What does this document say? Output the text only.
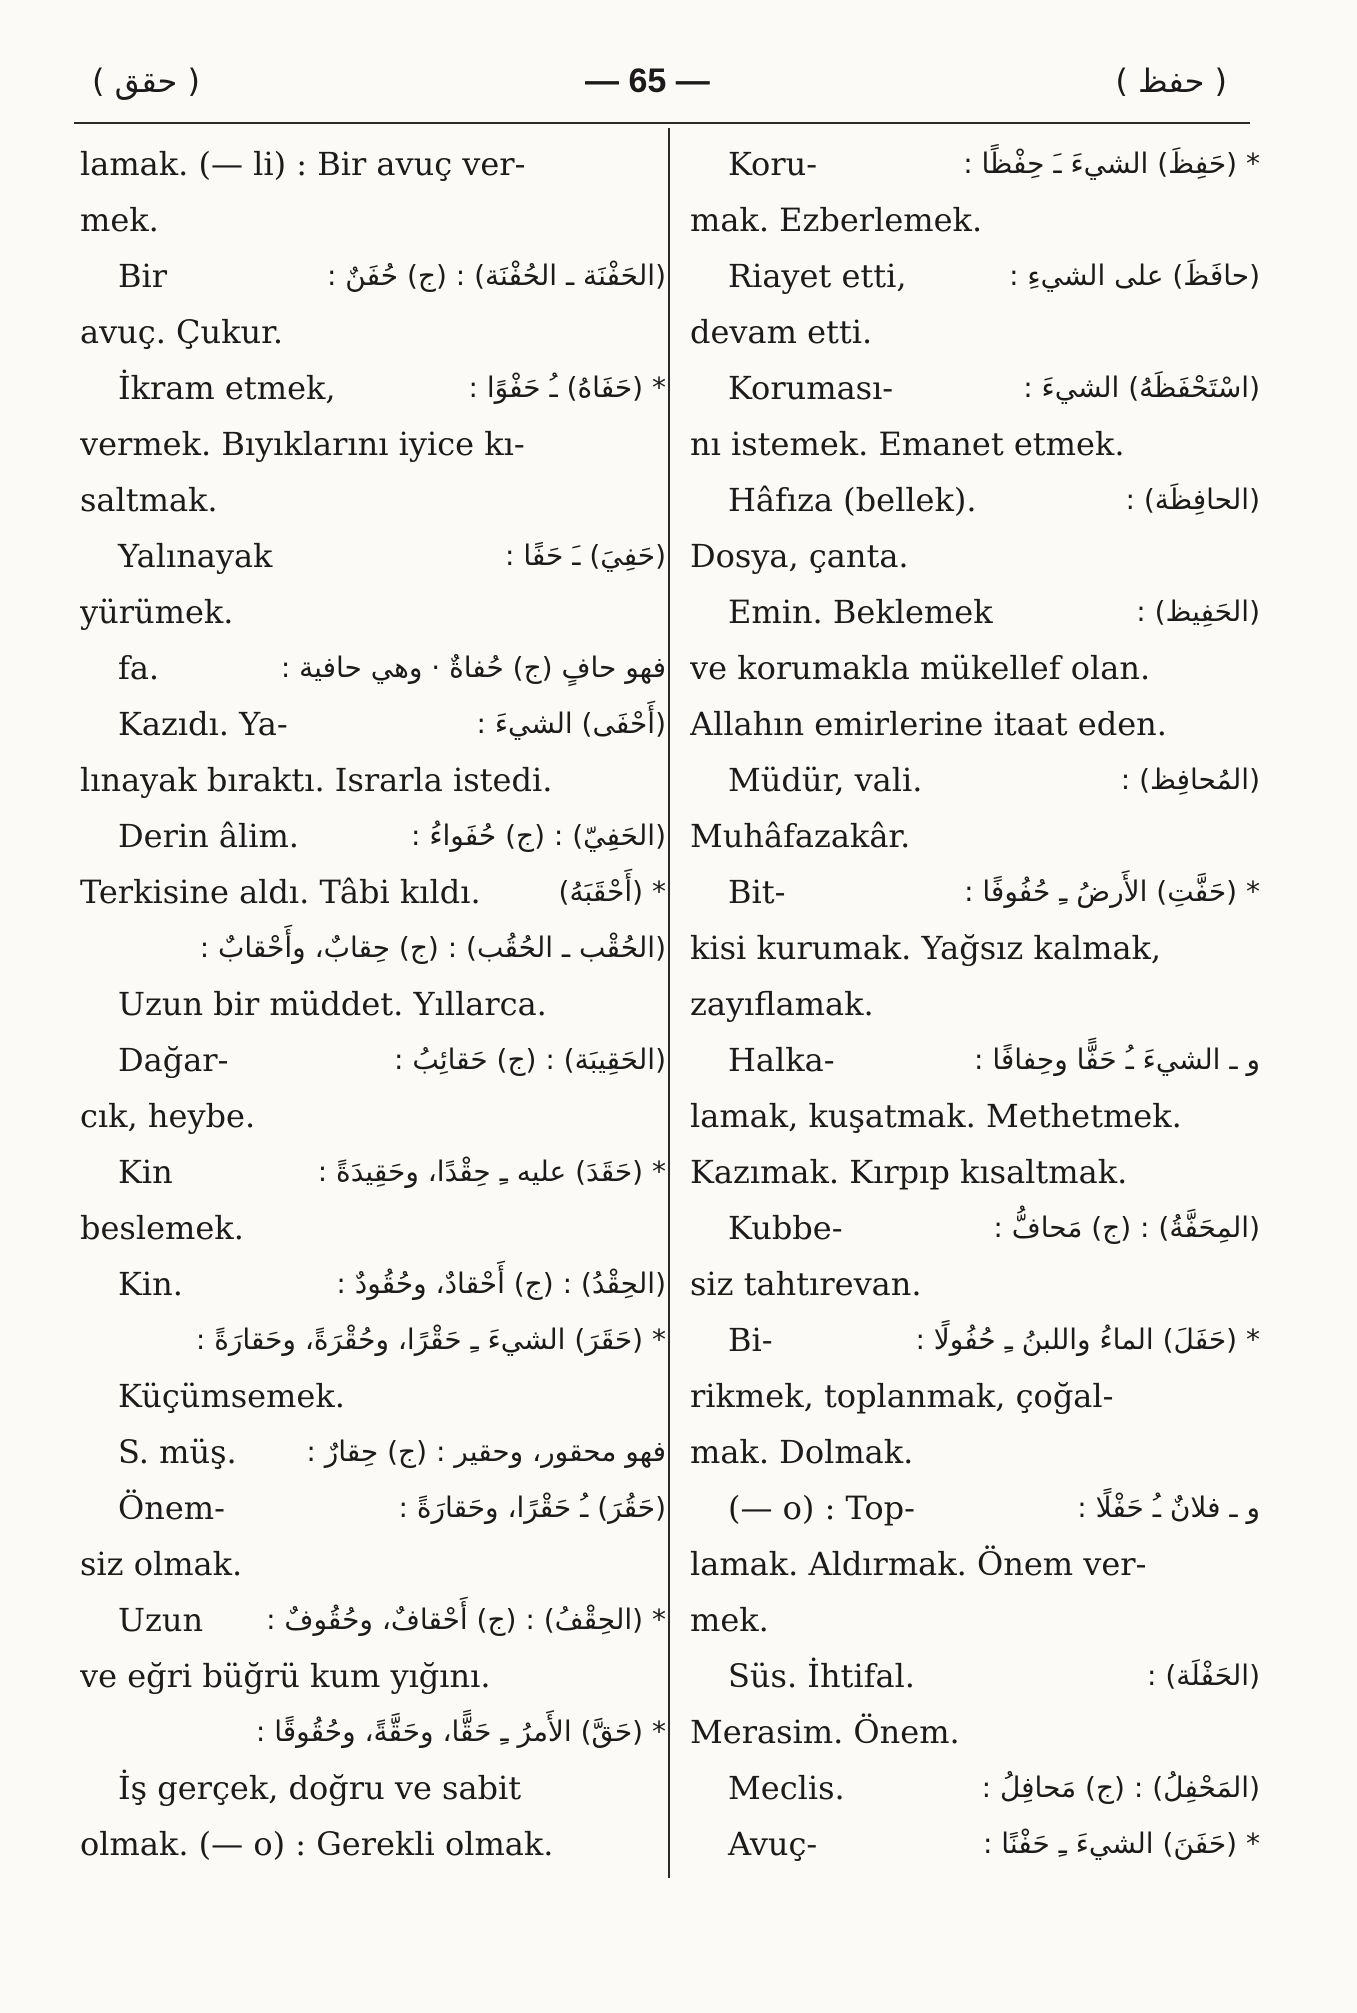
( حقق )	— 65 —	( حفظ )
lamak. (— li) : Bir avuç ver-
mek.
Bir	(الحَفْنَة ـ الحُفْنَة) : (ج) حُفَنٌ :
avuç. Çukur.
İkram etmek,	* (حَفَاهُ) ـُ حَفْوًا :
vermek. Bıyıklarını iyice kı-
saltmak.
Yalınayak	(حَفِيَ) ـَ حَفًا :
yürümek.
fa.	فهو حافٍ (ج) حُفاةٌ · وهي حافية :
Kazıdı. Ya-	(أَحْفَى) الشيءَ :
lınayak bıraktı. Israrla istedi.
Derin âlim.	(الحَفِيّ) : (ج) حُفَواءُ :
Terkisine aldı. Tâbi kıldı.	* (أَحْقَبَهُ)
(الحُقْب ـ الحُقُب) : (ج) حِقابٌ، وأَحْقابٌ :
Uzun bir müddet. Yıllarca.
Dağar-	(الحَقِيبَة) : (ج) حَقائِبُ :
cık, heybe.
Kin	* (حَقَدَ) عليه ـِ حِقْدًا، وحَقِيدَةً :
beslemek.
Kin.	(الحِقْدُ) : (ج) أَحْقادٌ، وحُقُودٌ :
* (حَقَرَ) الشيءَ ـِ حَقْرًا، وحُقْرَةً، وحَقارَةً :
Küçümsemek.
S. müş. فهو محقور، وحقير : (ج) حِقارٌ :
Önem-	(حَقُرَ) ـُ حَقْرًا، وحَقارَةً :
siz olmak.
Uzun * (الحِقْفُ) : (ج) أَحْقافٌ، وحُقُوفٌ :
ve eğri büğrü kum yığını.
* (حَقَّ) الأَمرُ ـِ حَقًّا، وحَقَّةً، وحُقُوقًا :
İş gerçek, doğru ve sabit
olmak. (— o) : Gerekli olmak.
Koru-	* (حَفِظَ) الشيءَ ـَ حِفْظًا :
mak. Ezberlemek.
Riayet etti,	(حافَظَ) على الشيءِ :
devam etti.
Koruması-	(اسْتَحْفَظَهُ) الشيءَ :
nı istemek. Emanet etmek.
Hâfıza (bellek).	(الحافِظَة) :
Dosya, çanta.
Emin. Beklemek	(الحَفِيظ) :
ve korumakla mükellef olan.
Allahın emirlerine itaat eden.
Müdür, vali.	(المُحافِظ) :
Muhâfazakâr.
Bit-	* (حَفَّتِ) الأَرضُ ـِ حُفُوفًا :
kisi kurumak. Yağsız kalmak,
zayıflamak.
Halka-	و ـ الشيءَ ـُ حَفًّا وحِفافًا :
lamak, kuşatmak. Methetmek.
Kazımak. Kırpıp kısaltmak.
Kubbe-	(المِحَفَّةُ) : (ج) مَحافُّ :
siz tahtırevan.
Bi-	* (حَفَلَ) الماءُ واللبنُ ـِ حُفُولًا :
rikmek, toplanmak, çoğal-
mak. Dolmak.
(— o) : Top-	و ـ فلانٌ ـُ حَفْلًا :
lamak. Aldırmak. Önem ver-
mek.
Süs. İhtifal.	(الحَفْلَة) :
Merasim. Önem.
Meclis.	(المَحْفِلُ) : (ج) مَحافِلُ :
Avuç-	* (حَفَنَ) الشيءَ ـِ حَفْنًا :
